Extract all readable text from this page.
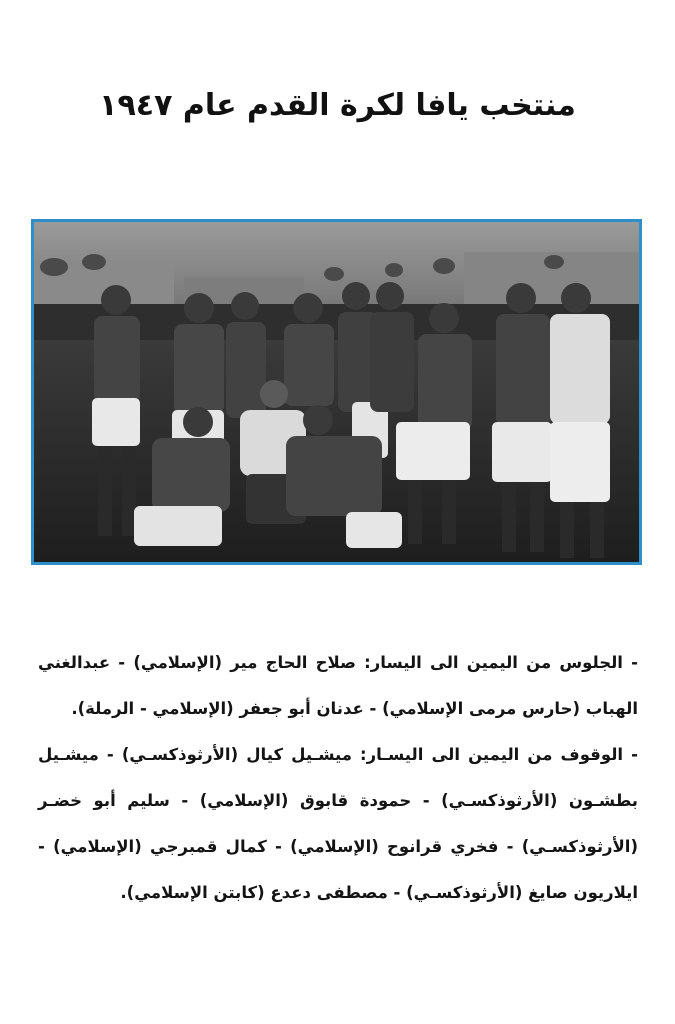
منتخب يافا لكرة القدم عام ١٩٤٧

- الجلوس من اليمين الى اليسار: صلاح الحاج مير (الإسلامي) - عبدالغني الهباب (حارس مرمى الإسلامي) - عدنان أبو جعفر (الإسلامي - الرملة).

- الوقوف من اليمين الى اليسـار: ميشـيل كيال (الأرثوذكسـي) - ميشـيل بطشـون (الأرثوذكسـي) - حمودة قابوق (الإسلامي) - سليم أبو خضـر (الأرثوذكسـي) - فخري قرانوح (الإسلامي) - كمال قمبرجي (الإسلامي) - ايلاريون صايغ (الأرثوذكسـي) - مصطفى دعدع (كابتن الإسلامي).
